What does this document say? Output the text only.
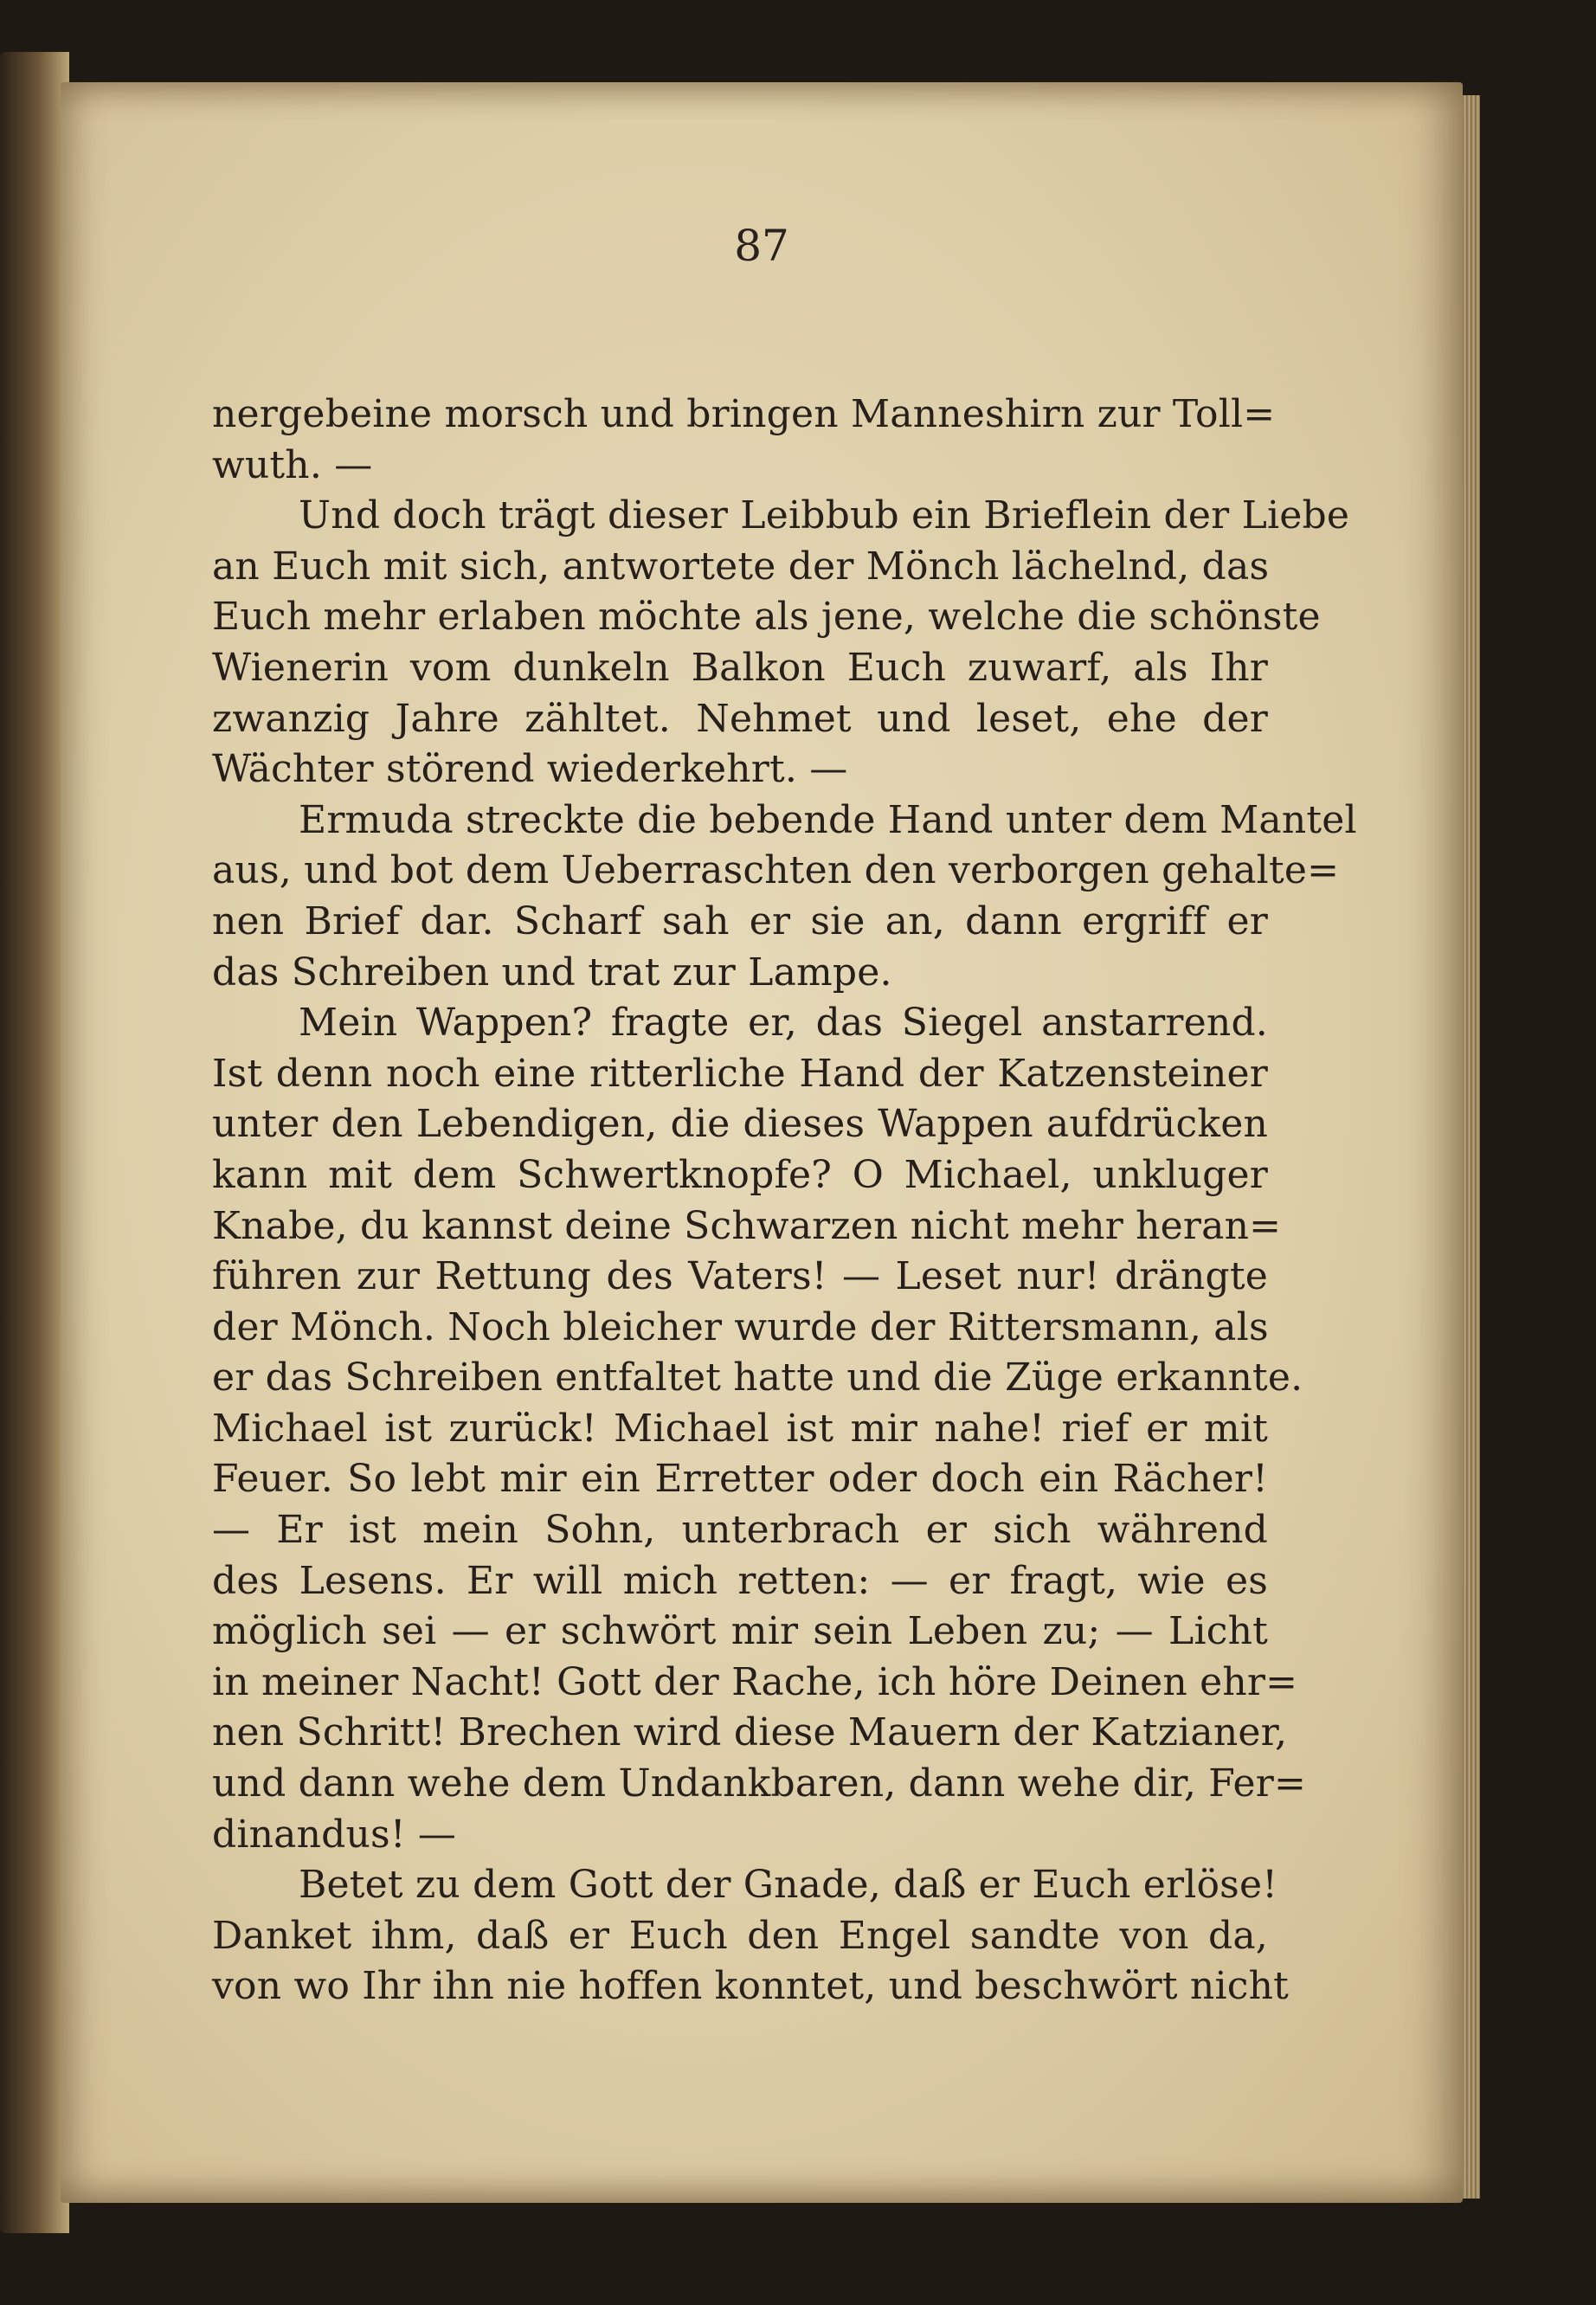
87

nergebeine morsch und bringen Manneshirn zur Toll=
wuth. —
Und doch trägt dieser Leibbub ein Brieflein der Liebe
an Euch mit sich, antwortete der Mönch lächelnd, das
Euch mehr erlaben möchte als jene, welche die schönste
Wienerin vom dunkeln Balkon Euch zuwarf, als Ihr
zwanzig Jahre zähltet. Nehmet und leset, ehe der
Wächter störend wiederkehrt. —
Ermuda streckte die bebende Hand unter dem Mantel
aus, und bot dem Ueberraschten den verborgen gehalte=
nen Brief dar. Scharf sah er sie an, dann ergriff er
das Schreiben und trat zur Lampe.
Mein Wappen? fragte er, das Siegel anstarrend.
Ist denn noch eine ritterliche Hand der Katzensteiner
unter den Lebendigen, die dieses Wappen aufdrücken
kann mit dem Schwertknopfe? O Michael, unkluger
Knabe, du kannst deine Schwarzen nicht mehr heran=
führen zur Rettung des Vaters! — Leset nur! drängte
der Mönch. Noch bleicher wurde der Rittersmann, als
er das Schreiben entfaltet hatte und die Züge erkannte.
Michael ist zurück! Michael ist mir nahe! rief er mit
Feuer. So lebt mir ein Erretter oder doch ein Rächer!
— Er ist mein Sohn, unterbrach er sich während
des Lesens. Er will mich retten: — er fragt, wie es
möglich sei — er schwört mir sein Leben zu; — Licht
in meiner Nacht! Gott der Rache, ich höre Deinen ehr=
nen Schritt! Brechen wird diese Mauern der Katzianer,
und dann wehe dem Undankbaren, dann wehe dir, Fer=
dinandus! —
Betet zu dem Gott der Gnade, daß er Euch erlöse!
Danket ihm, daß er Euch den Engel sandte von da,
von wo Ihr ihn nie hoffen konntet, und beschwört nicht
